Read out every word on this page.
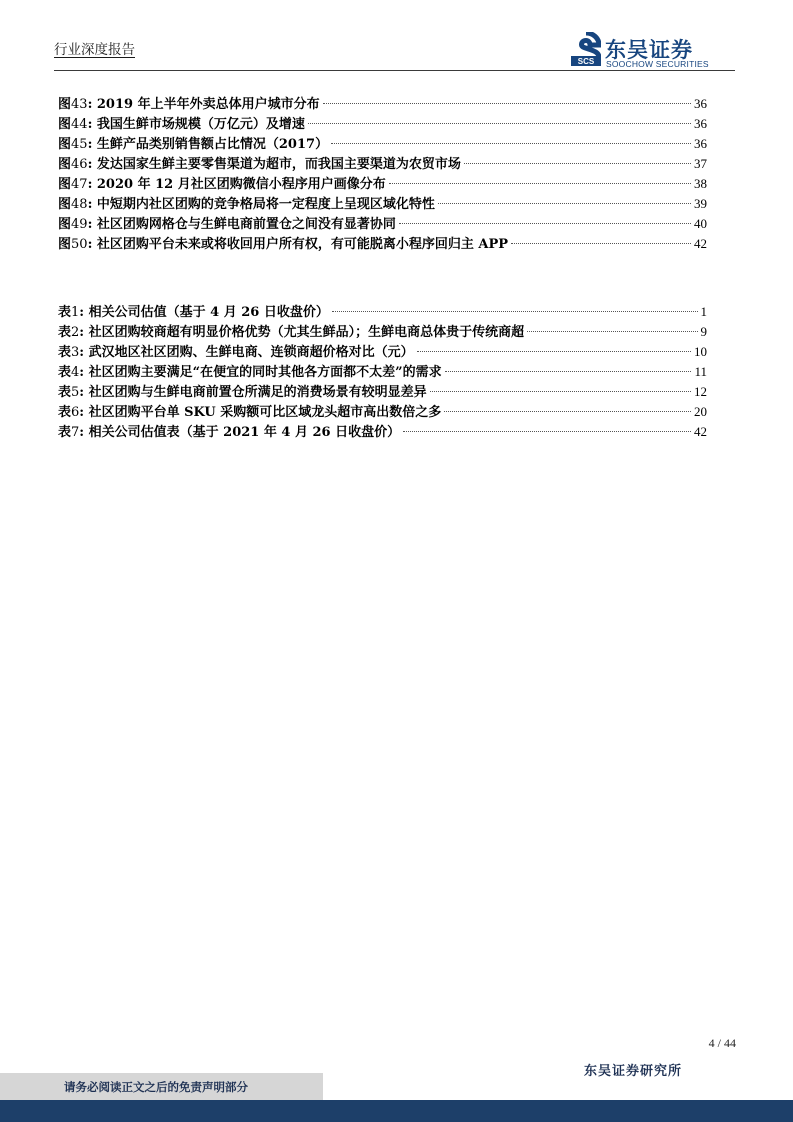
行业深度报告
SCS 东吴证券
SOOCHOW SECURITIES
图43: 2019 年上半年外卖总体用户城市分布	36
图44: 我国生鲜市场规模（万亿元）及增速	36
图45: 生鲜产品类别销售额占比情况（2017）	36
图46: 发达国家生鲜主要零售渠道为超市，而我国主要渠道为农贸市场	37
图47: 2020 年 12 月社区团购微信小程序用户画像分布	38
图48: 中短期内社区团购的竞争格局将一定程度上呈现区域化特性	39
图49: 社区团购网格仓与生鲜电商前置仓之间没有显著协同	40
图50: 社区团购平台未来或将收回用户所有权，有可能脱离小程序回归主 APP	42
表1: 相关公司估值（基于 4 月 26 日收盘价）	1
表2: 社区团购较商超有明显价格优势（尤其生鲜品）；生鲜电商总体贵于传统商超	9
表3: 武汉地区社区团购、生鲜电商、连锁商超价格对比（元）	10
表4: 社区团购主要满足“在便宜的同时其他各方面都不太差”的需求	11
表5: 社区团购与生鲜电商前置仓所满足的消费场景有较明显差异	12
表6: 社区团购平台单 SKU 采购额可比区域龙头超市高出数倍之多	20
表7: 相关公司估值表（基于 2021 年 4 月 26 日收盘价）	42
4 / 44
东吴证券研究所
请务必阅读正文之后的免责声明部分
